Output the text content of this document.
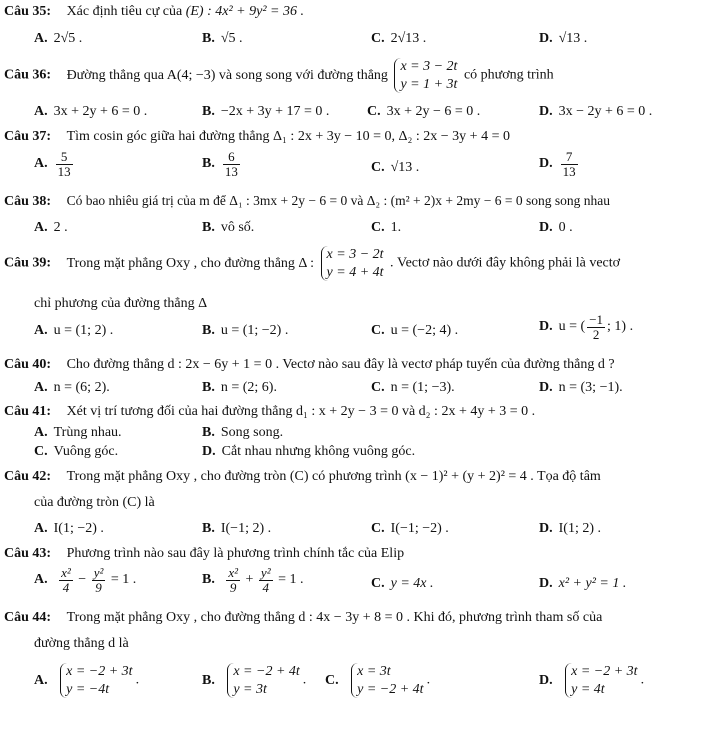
Câu 35: Xác định tiêu cự của (E) : 4x² + 9y² = 36 .
A. 2√5 .	B. √5 .	C. 2√13 .	D. √13 .
Câu 36: Đường thẳng qua A(4; −3) và song song với đường thẳng
x = 3 − 2t
y = 1 + 3t
có phương trình
A. 3x + 2y + 6 = 0 .	B. −2x + 3y + 17 = 0 .	C. 3x + 2y − 6 = 0 .	D. 3x − 2y + 6 = 0 .
Câu 37: Tìm cosin góc giữa hai đường thẳng Δ₁ : 2x + 3y − 10 = 0, Δ₂ : 2x − 3y + 4 = 0
A. $\frac{5}{13}$	B. $\frac{6}{13}$	C. √13 .	D. $\frac{7}{13}$
Câu 38: Có bao nhiêu giá trị của m để Δ₁ : 3mx + 2y − 6 = 0 và Δ₂ : (m² + 2)x + 2my − 6 = 0 song song nhau
A. 2 .	B. vô số.	C. 1.	D. 0 .
Câu 39: Trong mặt phẳng Oxy , cho đường thẳng Δ :
x = 3 − 2t
y = 4 + 4t
. Vectơ nào dưới đây không phải là vectơ
chỉ phương của đường thẳng Δ
A. u = (1; 2) .	B. u = (1; −2) .	C. u = (−2; 4) .	D. u = ( $\frac{-1}{2}$ ; 1) .
Câu 40: Cho đường thẳng d : 2x − 6y + 1 = 0 . Vectơ nào sau đây là vectơ pháp tuyến của đường thẳng d ?
A. n = (6; 2).	B. n = (2; 6).	C. n = (1; −3).	D. n = (3; −1).
Câu 41: Xét vị trí tương đối của hai đường thẳng d₁ : x + 2y − 3 = 0 và d₂ : 2x + 4y + 3 = 0 .
A. Trùng nhau.	B. Song song.
C. Vuông góc.	D. Cắt nhau nhưng không vuông góc.
Câu 42: Trong mặt phẳng Oxy , cho đường tròn (C) có phương trình (x − 1)² + (y + 2)² = 4 . Tọa độ tâm
của đường tròn (C) là
A. I(1; −2) .	B. I(−1; 2) .	C. I(−1; −2) .	D. I(1; 2) .
Câu 43: Phương trình nào sau đây là phương trình chính tắc của Elip
A. $\frac{\text{x²}}{4} - \frac{\text{y²}}{9} = 1$ .	B. $\frac{\text{x²}}{9} + \frac{\text{y²}}{4} = 1$ .	C. y = 4x .	D. x² + y² = 1 .
Câu 44: Trong mặt phẳng Oxy , cho đường thẳng d : 4x − 3y + 8 = 0 . Khi đó, phương trình tham số của
đường thẳng d là
A.
x = −2 + 3t
y = −4t
.	B.
x = −2 + 4t
y = 3t
. C.
x = 3t
y = −2 + 4t
.	D.
x = −2 + 3t
y = 4t
.
